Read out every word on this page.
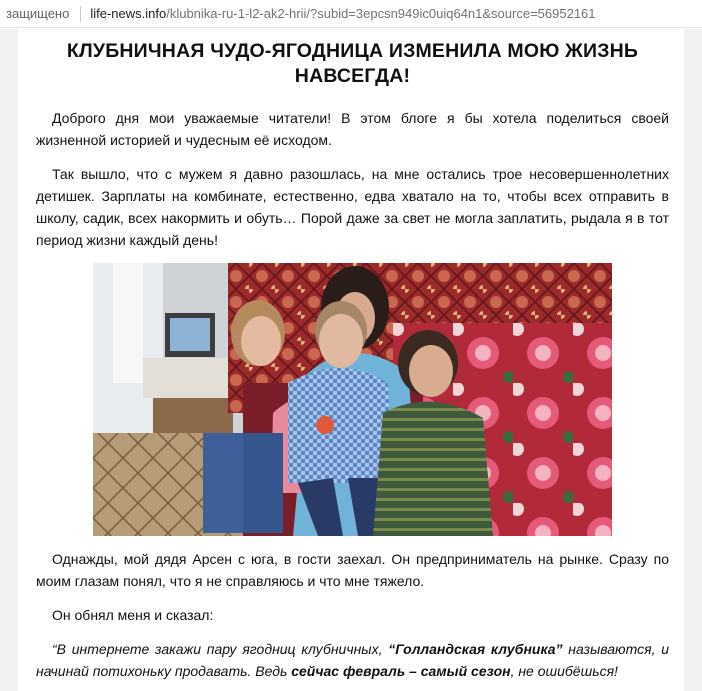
защищено life-news.info /klubnika-ru-1-l2-ak2-hrii/?subid=3epcsn949ic0uiq64n1&source=56952161
КЛУБНИЧНАЯ ЧУДО-ЯГОДНИЦА ИЗМЕНИЛА МОЮ ЖИЗНЬ НАВСЕГДА!

Доброго дня мои уважаемые читатели! В этом блоге я бы хотела поделиться своей жизненной историей и чудесным её исходом.

Так вышло, что с мужем я давно разошлась, на мне остались трое несовершеннолетних детишек. Зарплаты на комбинате, естественно, едва хватало на то, чтобы всех отправить в школу, садик, всех накормить и обуть… Порой даже за свет не могла заплатить, рыдала я в тот период жизни каждый день!

Однажды, мой дядя Арсен с юга, в гости заехал. Он предприниматель на рынке. Сразу по моим глазам понял, что я не справляюсь и что мне тяжело.

Он обнял меня и сказал:

“В интернете закажи пару ягодниц клубничных, “Голландская клубника” называются, и начинай потихоньку продавать. Ведь сейчас февраль – самый сезон, не ошибёшься!
